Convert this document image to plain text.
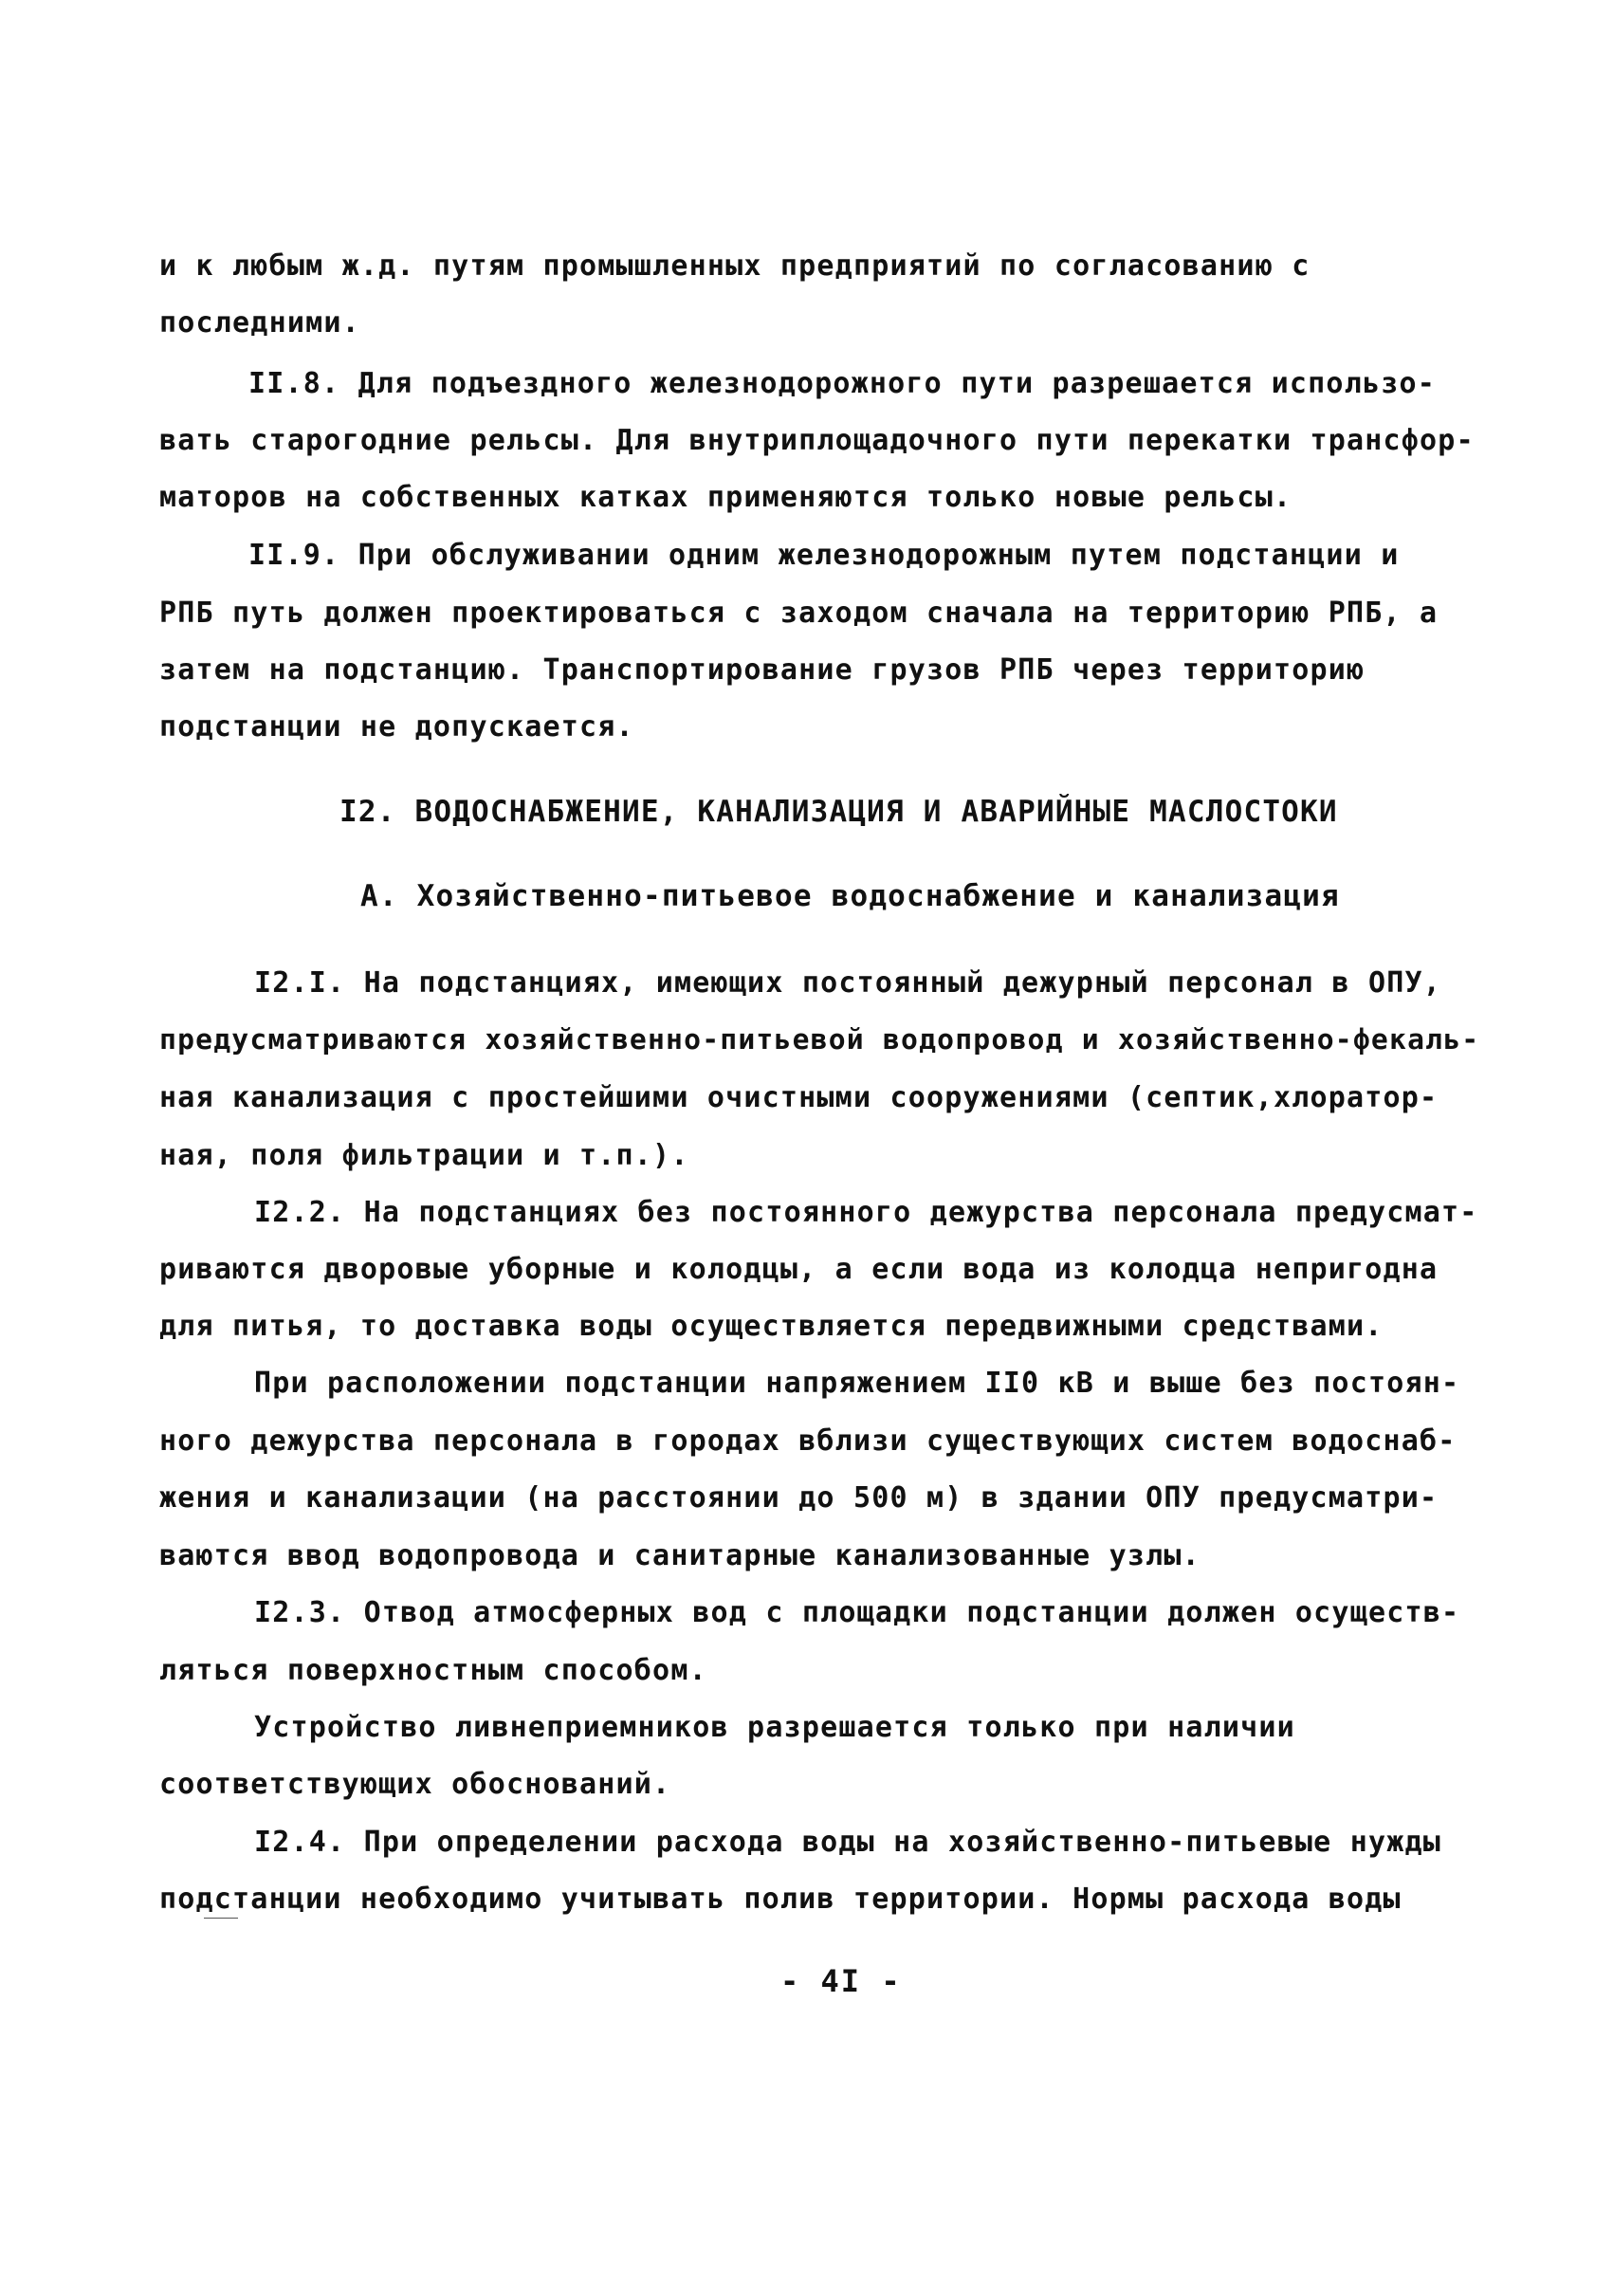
и к любым ж.д. путям промышленных предприятий по согласованию с
последними.
II.8. Для подъездного железнодорожного пути разрешается использо-
вать старогодние рельсы. Для внутриплощадочного пути перекатки трансфор-
маторов на собственных катках применяются только новые рельсы.
II.9. При обслуживании одним железнодорожным путем подстанции и
РПБ путь должен проектироваться с заходом сначала на территорию РПБ, а
затем на подстанцию. Транспортирование грузов РПБ через территорию
подстанции не допускается.
I2. ВОДОСНАБЖЕНИЕ, КАНАЛИЗАЦИЯ И АВАРИЙНЫЕ МАСЛОСТОКИ
А. Хозяйственно-питьевое водоснабжение и канализация
I2.I. На подстанциях, имеющих постоянный дежурный персонал в ОПУ,
предусматриваются хозяйственно-питьевой водопровод и хозяйственно-фекаль-
ная канализация с простейшими очистными сооружениями (септик,хлоратор-
ная, поля фильтрации и т.п.).
I2.2. На подстанциях без постоянного дежурства персонала предусмат-
риваются дворовые уборные и колодцы, а если вода из колодца непригодна
для питья, то доставка воды осуществляется передвижными средствами.
При расположении подстанции напряжением II0 кВ и выше без постоян-
ного дежурства персонала в городах вблизи существующих систем водоснаб-
жения и канализации (на расстоянии до 500 м) в здании ОПУ предусматри-
ваются ввод водопровода и санитарные канализованные узлы.
I2.3. Отвод атмосферных вод с площадки подстанции должен осуществ-
ляться поверхностным способом.
Устройство ливнеприемников разрешается только при наличии
соответствующих обоснований.
I2.4. При определении расхода воды на хозяйственно-питьевые нужды
подстанции необходимо учитывать полив территории. Нормы расхода воды
- 4I -
